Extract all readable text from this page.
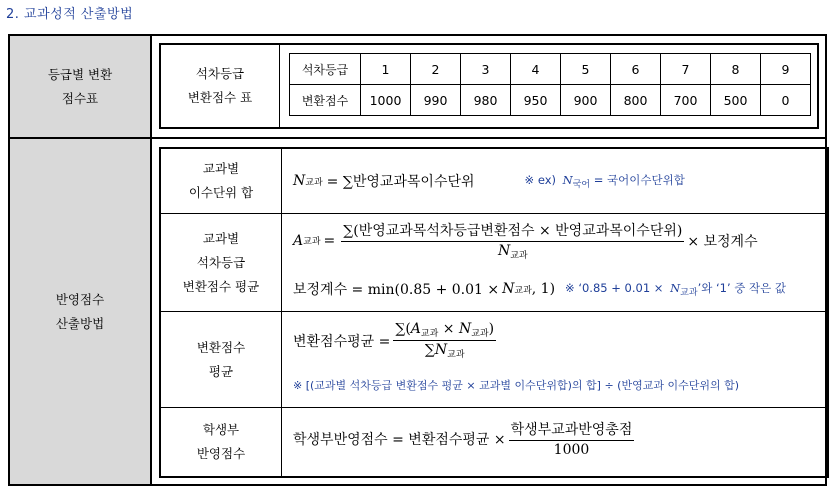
2. 교과성적 산출방법
등급별 변환
점수표
반영점수
산출방법
석차등급
변환점수 표
석차등급	1	2	3	4	5	6	7	8	9
변환점수	1000	990	980	950	900	800	700	500	0
교과별
이수단위 합
N 교과 = ∑반영교과목이수단위	※ ex) $N_{국어}$ = 국어이수단위합
교과별
석차등급
변환점수 평균
A 교과 = $\frac{\text{∑(반영교과목석차등급변환점수 × 반영교과목이수단위)}}{N_{교과}}$ × 보정계수
보정계수 = min(0.85 + 0.01 × N 교과 , 1) ※ ‘$0.85 + 0.01 \times N_{교과}$’와 ‘1’ 중 작은 값
변환점수
평균
변환점수평균 = $\frac{\sum(A_{교과} \times N_{교과})}{\sum N_{교과}}$
※ [(교과별 석차등급 변환점수 평균 × 교과별 이수단위합)의 합] ÷ (반영교과 이수단위의 합)
학생부
반영점수
학생부반영점수 = 변환점수평균 × $\frac{\text{학생부교과반영총점}}{1000}$
